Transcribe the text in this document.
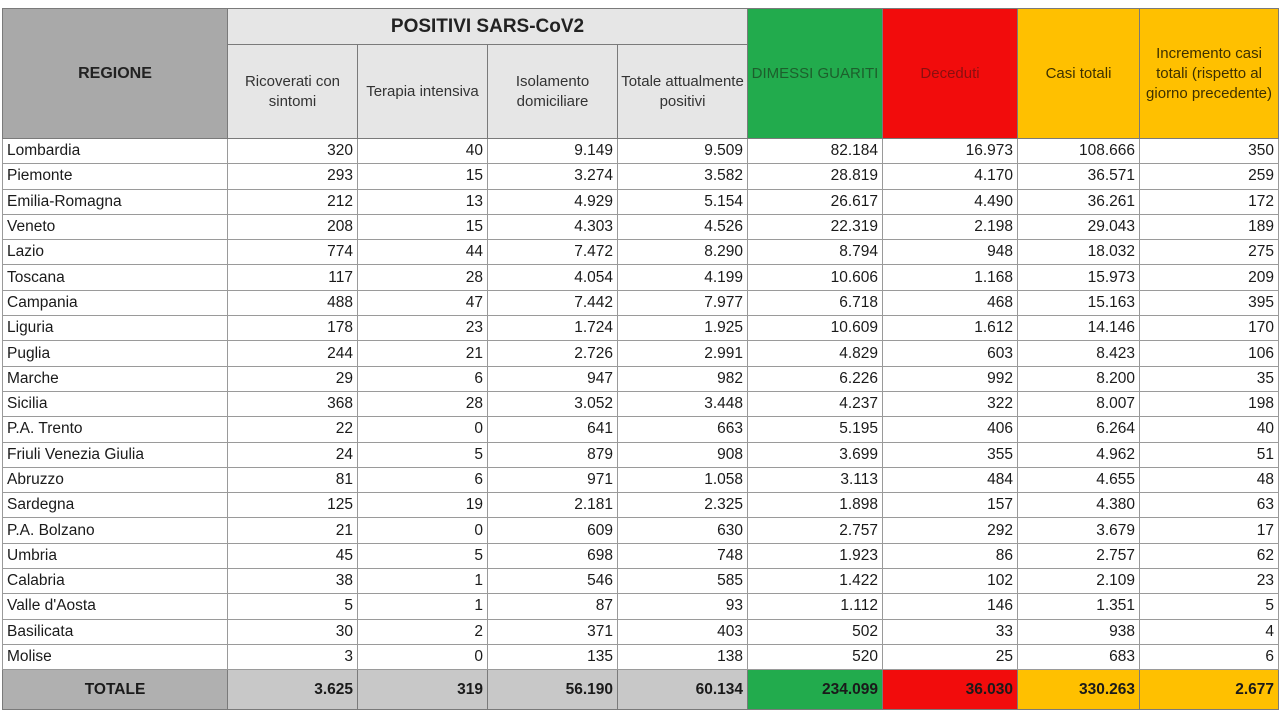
REGIONE	POSITIVI SARS-CoV2				DIMESSI GUARITI	Deceduti	Casi totali	Incremento casi totali (rispetto al giorno precedente)
	Ricoverati con sintomi	Terapia intensiva	Isolamento domiciliare	Totale attualmente positivi				
Lombardia	320	40	9.149	9.509	82.184	16.973	108.666	350
Piemonte	293	15	3.274	3.582	28.819	4.170	36.571	259
Emilia-Romagna	212	13	4.929	5.154	26.617	4.490	36.261	172
Veneto	208	15	4.303	4.526	22.319	2.198	29.043	189
Lazio	774	44	7.472	8.290	8.794	948	18.032	275
Toscana	117	28	4.054	4.199	10.606	1.168	15.973	209
Campania	488	47	7.442	7.977	6.718	468	15.163	395
Liguria	178	23	1.724	1.925	10.609	1.612	14.146	170
Puglia	244	21	2.726	2.991	4.829	603	8.423	106
Marche	29	6	947	982	6.226	992	8.200	35
Sicilia	368	28	3.052	3.448	4.237	322	8.007	198
P.A. Trento	22	0	641	663	5.195	406	6.264	40
Friuli Venezia Giulia	24	5	879	908	3.699	355	4.962	51
Abruzzo	81	6	971	1.058	3.113	484	4.655	48
Sardegna	125	19	2.181	2.325	1.898	157	4.380	63
P.A. Bolzano	21	0	609	630	2.757	292	3.679	17
Umbria	45	5	698	748	1.923	86	2.757	62
Calabria	38	1	546	585	1.422	102	2.109	23
Valle d'Aosta	5	1	87	93	1.112	146	1.351	5
Basilicata	30	2	371	403	502	33	938	4
Molise	3	0	135	138	520	25	683	6
TOTALE	3.625	319	56.190	60.134	234.099	36.030	330.263	2.677
